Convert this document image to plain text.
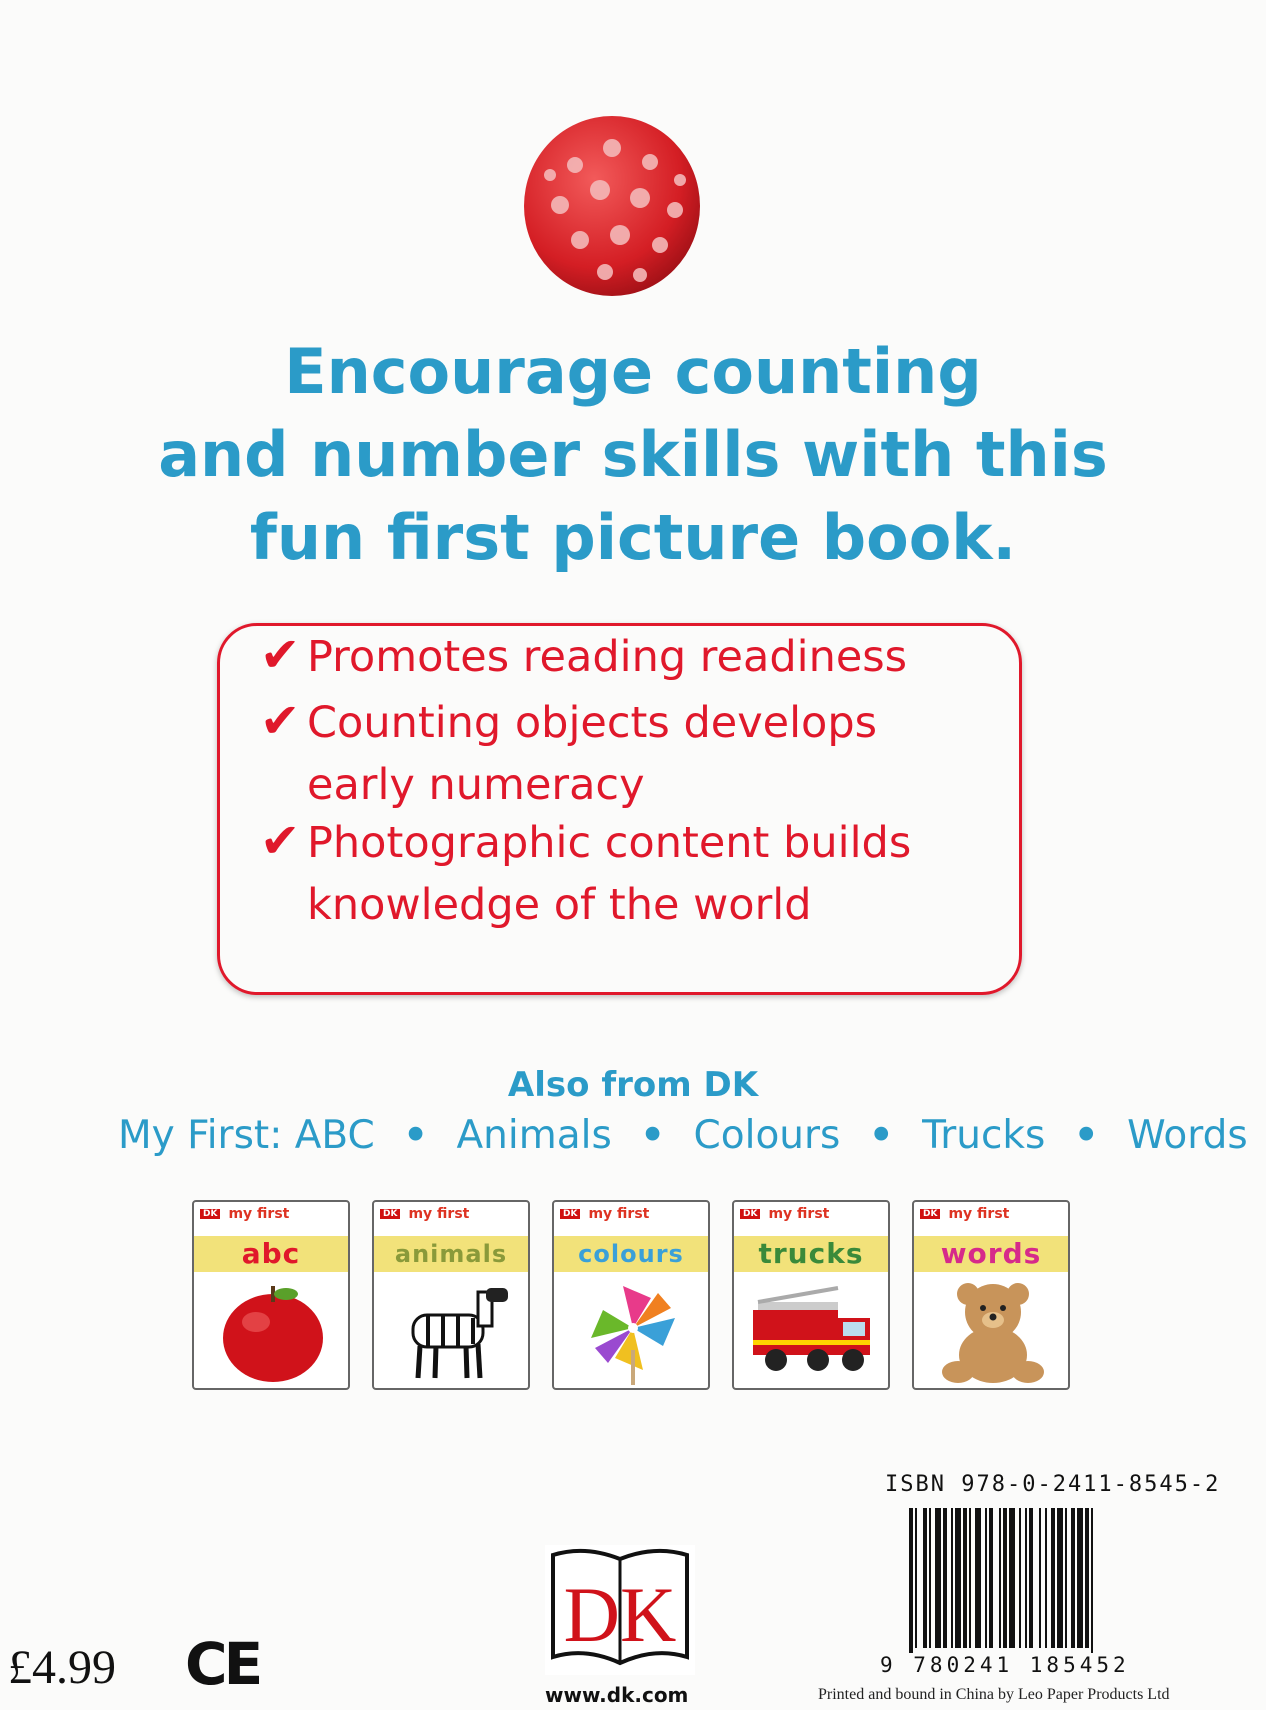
Encourage counting
and number skills with this
fun first picture book.
✔ Promotes reading readiness
✔ Counting objects develops
early numeracy
✔ Photographic content builds
knowledge of the world
Also from DK
My First: ABC • Animals • Colours • Trucks • Words
DK my first
abc
DK my first
animals
DK my first
colours
DK my first
trucks
DK my first
words
ISBN 978-0-2411-8545-2
9 780241 185452
Printed and bound in China by Leo Paper Products Ltd
£4.99 CE
DK
www.dk.com
